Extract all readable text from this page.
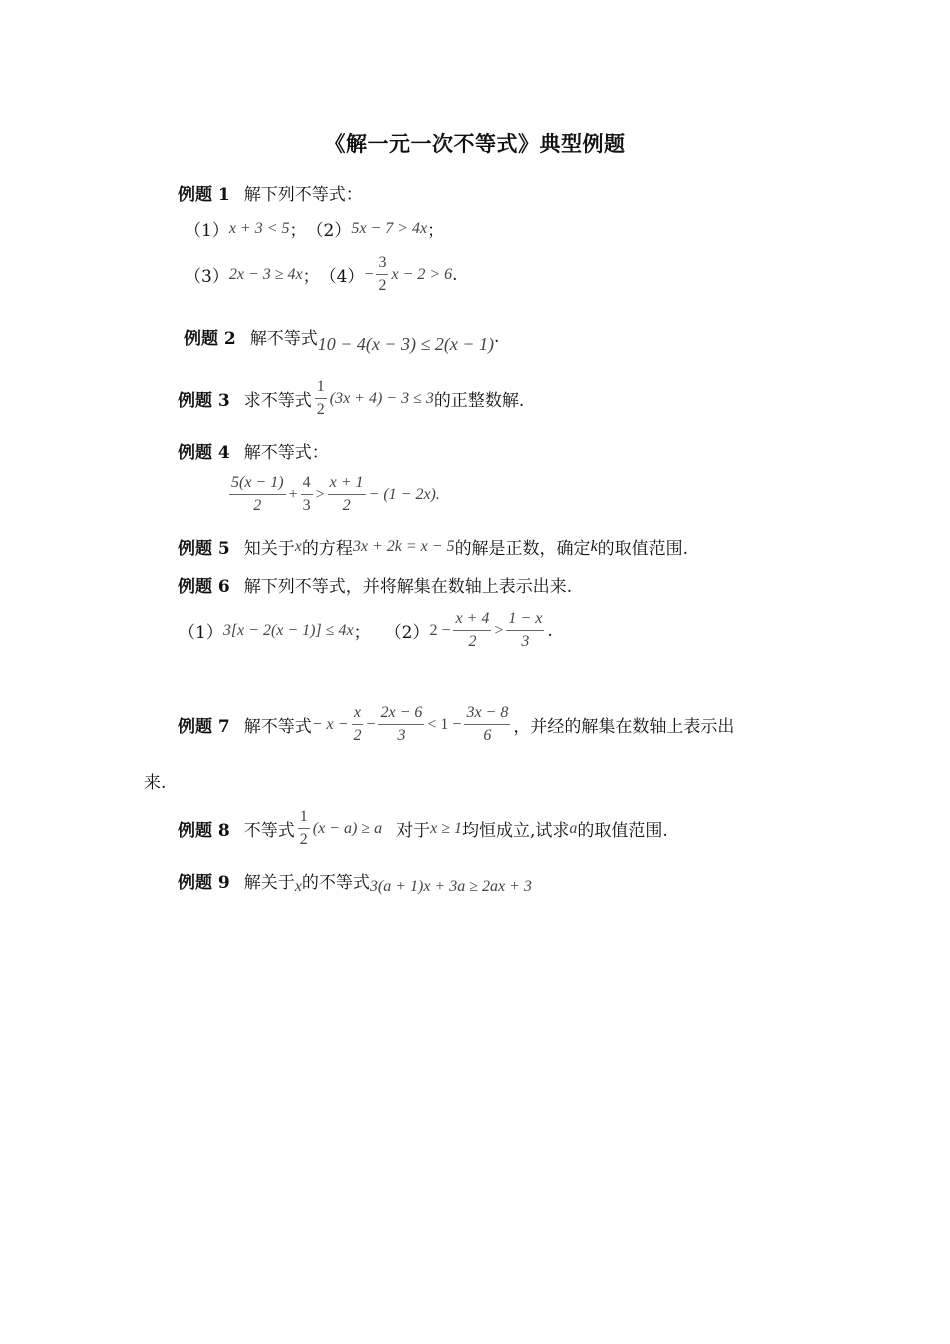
《解一元一次不等式》典型例题
例题 1 解下列不等式：
（1） x + 3 < 5 ； （2） 5x − 7 > 4x ；
（3） 2x − 3 ≥ 4x ； $(4) - \frac{3}{2}$ x − 2 > 6 .
例题 2 解不等式 10 − 4(x − 3) ≤ 2(x − 1) .
例题 3 求不等式 $\frac{1}{2} (3x + 4) - 3 \le 3$ 的正整数解.
例题 4 解不等式：
$\frac{5(x - 1)}{2} + \frac{4}{3} > \frac{x + 1}{2} - (1 - 2x)$.
例题 5 知关于 x 的方程 3x + 2k = x − 5 的解是正数，确定 k 的取值范围.
例题 6 解下列不等式，并将解集在数轴上表示出来.
（1） 3[x − 2(x − 1)] ≤ 4x ； （2） $2 - \frac{x + 4}{2} > \frac{1 - x}{3}$ .
例题 7 解不等式 − $x - \frac{x}{2} - \frac{2x - 6}{3} < 1 - \frac{3x - 8}{6}$ ，并经的解集在数轴上表示出
来.
例题 8 不等式 $\frac{1}{2} (x - a) \ge a$ 对于 x ≥ 1 均恒成立,试求 a 的取值范围.
例题 9 解关于 x 的不等式 3(a + 1)x + 3a ≥ 2ax + 3
